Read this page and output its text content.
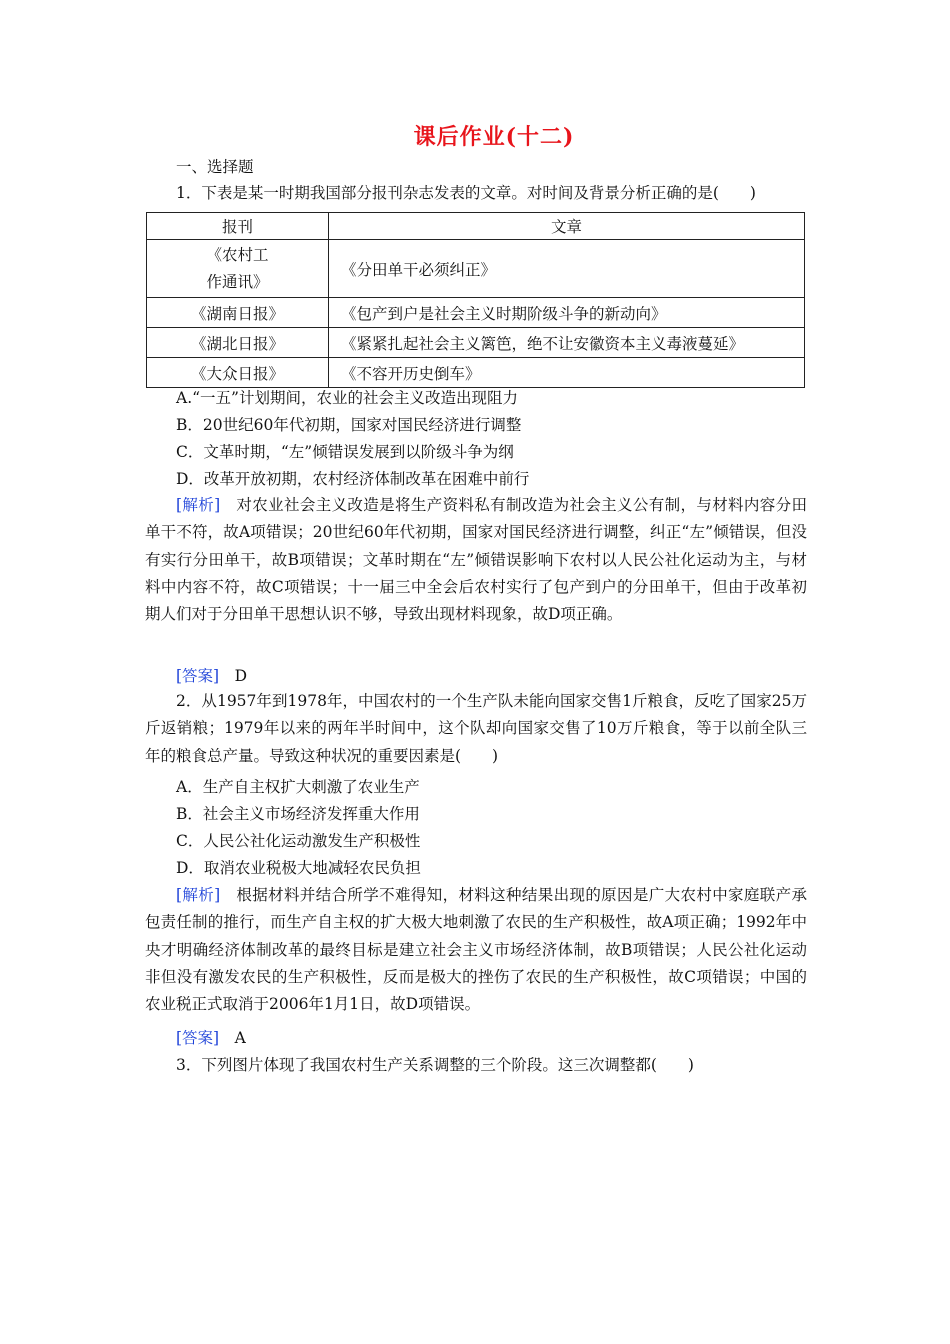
课后作业(十二)
一、选择题
1．下表是某一时期我国部分报刊杂志发表的文章。对时间及背景分析正确的是(　　)
报刊	文章

《农村工
作通讯》	《分田单干必须纠正》
《湖南日报》	《包产到户是社会主义时期阶级斗争的新动向》
《湖北日报》	《紧紧扎起社会主义篱笆，绝不让安徽资本主义毒液蔓延》
《大众日报》	《不容开历史倒车》
A.“一五”计划期间，农业的社会主义改造出现阻力
B．20世纪60年代初期，国家对国民经济进行调整
C．文革时期，“左”倾错误发展到以阶级斗争为纲
D．改革开放初期，农村经济体制改革在困难中前行
[解析]　对农业社会主义改造是将生产资料私有制改造为社会主义公有制，与材料内容分田单干不符，故A项错误；20世纪60年代初期，国家对国民经济进行调整，纠正“左”倾错误，但没有实行分田单干，故B项错误；文革时期在“左”倾错误影响下农村以人民公社化运动为主，与材料中内容不符，故C项错误；十一届三中全会后农村实行了包产到户的分田单干，但由于改革初期人们对于分田单干思想认识不够，导致出现材料现象，故D项正确。
[答案]　 D
2．从1957年到1978年，中国农村的一个生产队未能向国家交售1斤粮食，反吃了国家25万斤返销粮；1979年以来的两年半时间中，这个队却向国家交售了10万斤粮食，等于以前全队三年的粮食总产量。导致这种状况的重要因素是(　　)
A．生产自主权扩大刺激了农业生产
B．社会主义市场经济发挥重大作用
C．人民公社化运动激发生产积极性
D．取消农业税极大地减轻农民负担
[解析]　根据材料并结合所学不难得知，材料这种结果出现的原因是广大农村中家庭联产承包责任制的推行，而生产自主权的扩大极大地刺激了农民的生产积极性，故A项正确；1992年中央才明确经济体制改革的最终目标是建立社会主义市场经济体制，故B项错误；人民公社化运动非但没有激发农民的生产积极性，反而是极大的挫伤了农民的生产积极性，故C项错误；中国的农业税正式取消于2006年1月1日，故D项错误。
[答案]　 A
3．下列图片体现了我国农村生产关系调整的三个阶段。这三次调整都(　　)
